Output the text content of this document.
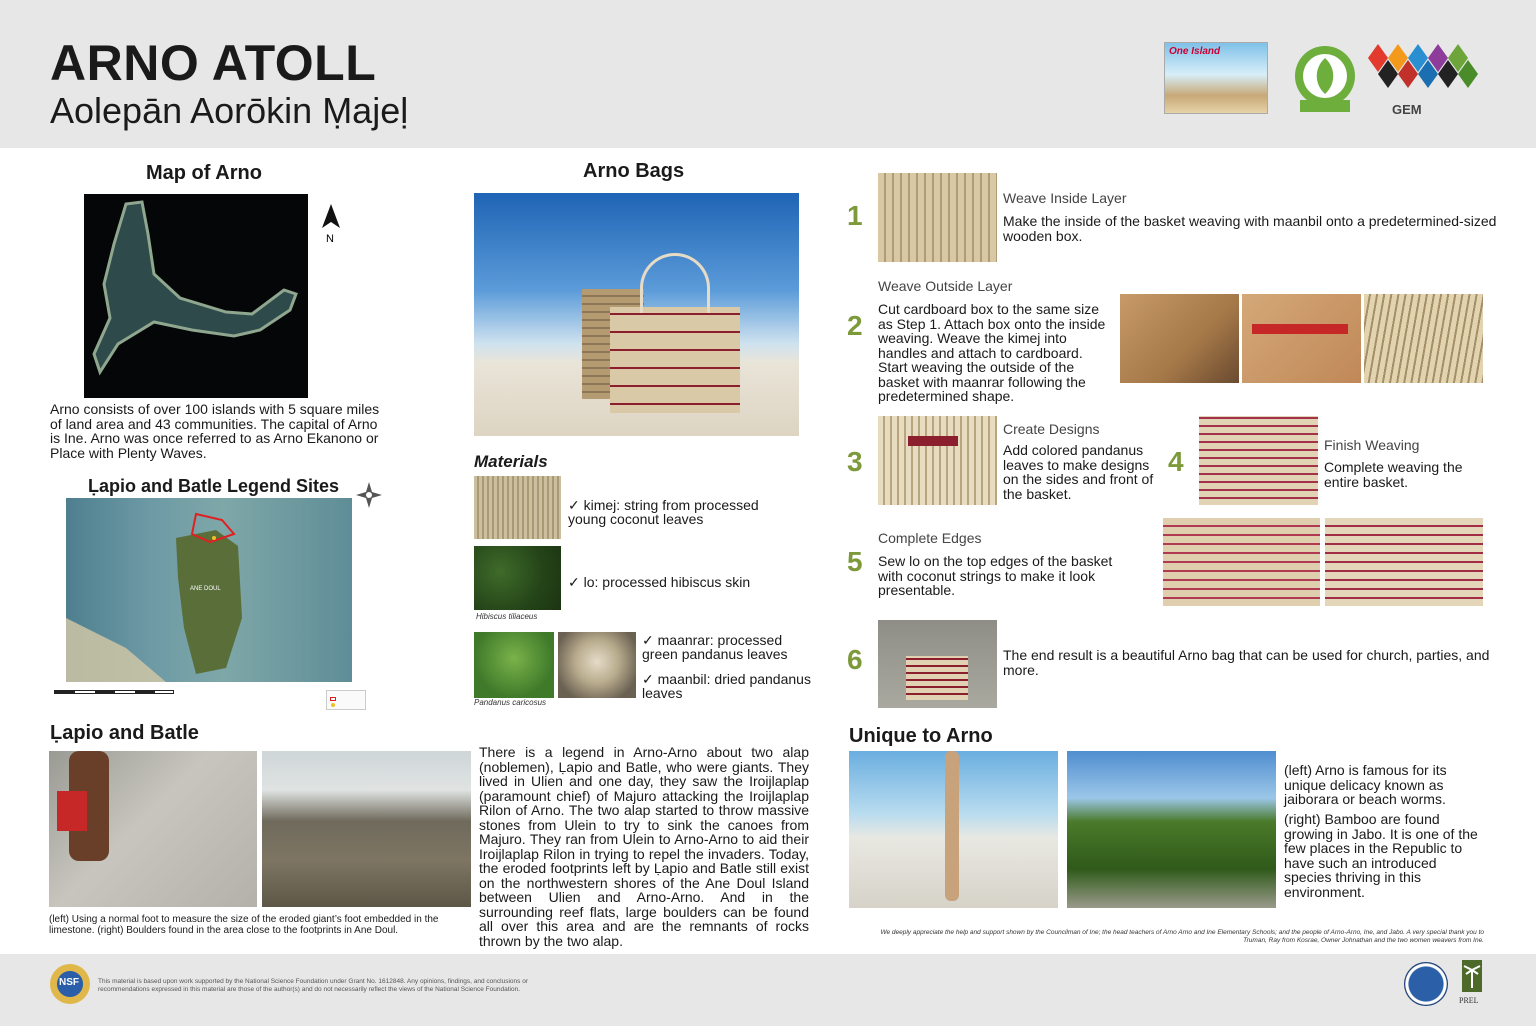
ARNO ATOLL
Aolepān Aorōkin Ṃajeḷ
One Island
GEM
Map of Arno
N
Arno consists of over 100 islands with 5 square miles of land area and 43 communities. The capital of Arno is Ine. Arno was once referred to as Arno Ekanono or Place with Plenty Waves.
Ḷapio and Batle Legend Sites
ANE DOUL
Ḷapio and Batle
(left) Using a normal foot to measure the size of the eroded giant’s foot embedded in the limestone. (right) Boulders found in the area close to the footprints in Ane Doul.
There is a legend in Arno-Arno about two alap (noblemen), Ḷapio and Batle, who were giants. They lived in Ulien and one day, they saw the Iroijlaplap (paramount chief) of Majuro attacking the Iroijlaplap Rilon of Arno. The two alap started to throw massive stones from Ulein to try to sink the canoes from Majuro. They ran from Ulein to Arno-Arno to aid their Iroijlaplap Rilon in trying to repel the invaders. Today, the eroded footprints left by Ḷapio and Batle still exist on the northwestern shores of the Ane Doul Island between Ulien and Arno-Arno. And in the surrounding reef flats, large boulders can be found all over this area and are the remnants of rocks thrown by the two alap.
Arno Bags
Materials
✓ kimej: string from processed young coconut leaves
Hibiscus tiliaceus
✓ lo: processed hibiscus skin
Pandanus caricosus
✓ maanrar: processed green pandanus leaves
✓ maanbil: dried pandanus leaves
1
Weave Inside Layer
Make the inside of the basket weaving with maanbil onto a predetermined-sized wooden box.
Weave Outside Layer
2
Cut cardboard box to the same size as Step 1. Attach box onto the inside weaving. Weave the kimej into handles and attach to cardboard. Start weaving the outside of the basket with maanrar following the predetermined shape.
3
Create Designs
Add colored pandanus leaves to make designs on the sides and front of the basket.
4
Finish Weaving
Complete weaving the entire basket.
Complete Edges
5 Sew lo on the top edges of the basket with coconut strings to make it look presentable.
6	The end result is a beautiful Arno bag that can be used for church, parties, and more.
Unique to Arno
(left) Arno is famous for its unique delicacy known as jaiborara or beach worms.
(right) Bamboo are found growing in Jabo. It is one of the few places in the Republic to have such an introduced species thriving in this environment.
We deeply appreciate the help and support shown by the Councilman of Ine; the head teachers of Arno Arno and Ine Elementary Schools; and the people of Arno-Arno, Ine, and Jabo. A very special thank you to Truman, Ray from Kosrae, Owner Johnathan and the two women weavers from Ine.
NSF	This material is based upon work supported by the National Science Foundation under Grant No. 1612848. Any opinions, findings, and conclusions or recommendations expressed in this material are those of the author(s) and do not necessarily reflect the views of the National Science Foundation.
PREL
